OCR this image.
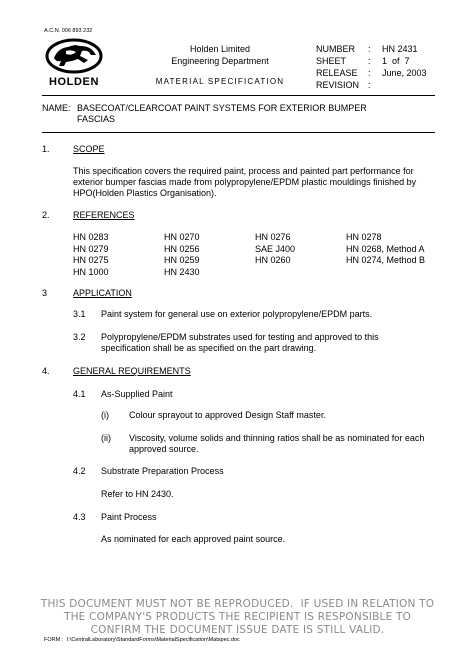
A.C.N. 006 893 232
HOLDEN
Holden Limited
Engineering Department
MATERIAL SPECIFICATION
NUMBER	:	HN 2431
SHEET	:	1  of  7
RELEASE	:	June, 2003
REVISION :
NAME: BASECOAT/CLEARCOAT PAINT SYSTEMS FOR EXTERIOR BUMPER
FASCIAS
1.	SCOPE
This specification covers the required paint, process and painted part performance for
exterior bumper fascias made from polypropylene/EPDM plastic mouldings finished by
HPO(Holden Plastics Organisation).
2.	REFERENCES
HN 0283	HN 0270	HN 0276	HN 0278
HN 0279	HN 0256	SAE J400	HN 0268, Method A
HN 0275	HN 0259	HN 0260	HN 0274, Method B
HN 1000	HN 2430
3	APPLICATION
3.1	Paint system for general use on exterior polypropylene/EPDM parts.
3.2	Polypropylene/EPDM substrates used for testing and approved to this
specification shall be as specified on the part drawing.
4.	GENERAL REQUIREMENTS
4.1	As-Supplied Paint
(i)	Colour sprayout to approved Design Staff master.
(ii)	Viscosity, volume solids and thinning ratios shall be as nominated for each
approved source.
4.2	Substrate Preparation Process
Refer to HN 2430.
4.3	Paint Process
As nominated for each approved paint source.
THIS DOCUMENT MUST NOT BE REPRODUCED.  IF USED IN RELATION TO
THE COMPANY'S PRODUCTS THE RECIPIENT IS RESPONSIBLE TO
CONFIRM THE DOCUMENT ISSUE DATE IS STILL VALID.
FORM : I:\CentralLaboratory\StandardForms\MaterialSpecification\Matspec.doc
